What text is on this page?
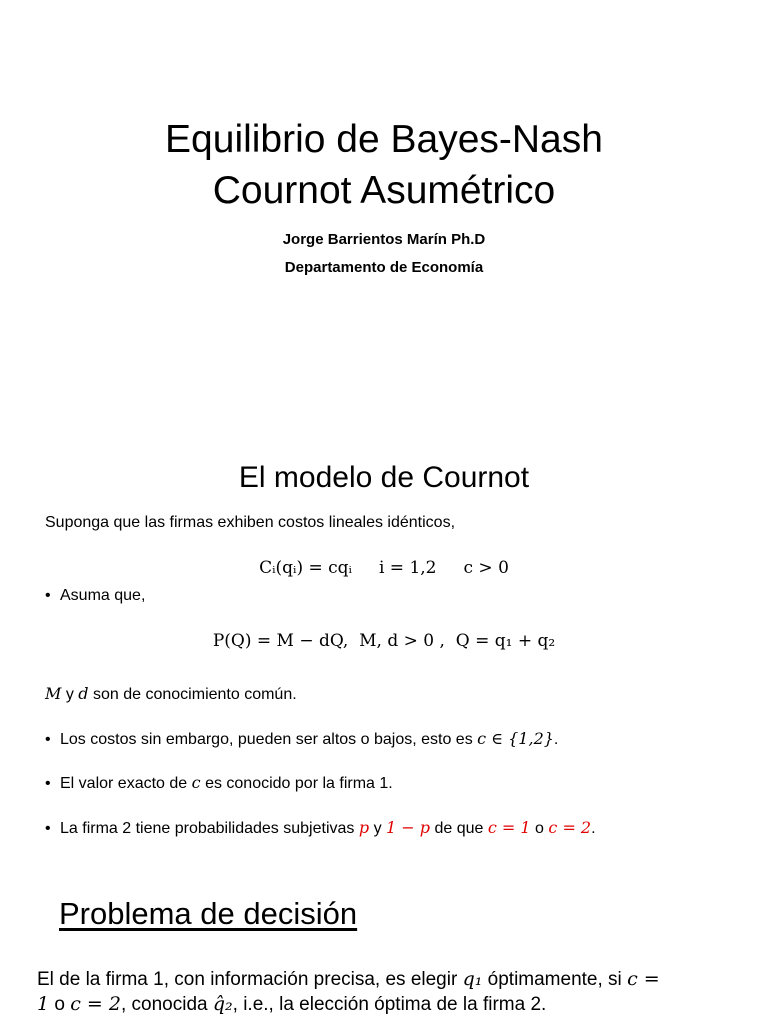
Equilibrio de Bayes-Nash
Cournot Asumétrico
Jorge Barrientos Marín Ph.D
Departamento de Economía
El modelo de Cournot
Suponga que las firmas exhiben costos lineales idénticos,
Cᵢ(qᵢ) = cqᵢ     i = 1,2     c > 0
• Asuma que,
P(Q) = M − dQ,  M, d > 0 ,  Q = q₁ + q₂
M y d son de conocimiento común.
• Los costos sin embargo, pueden ser altos o bajos, esto es c ∈ {1,2}.
• El valor exacto de c es conocido por la firma 1.
• La firma 2 tiene probabilidades subjetivas p y 1 − p de que c = 1 o c = 2.
Problema de decisión
El de la firma 1, con información precisa, es elegir q₁ óptimamente, si c =
1 o c = 2, conocida q̂₂, i.e., la elección óptima de la firma 2.
